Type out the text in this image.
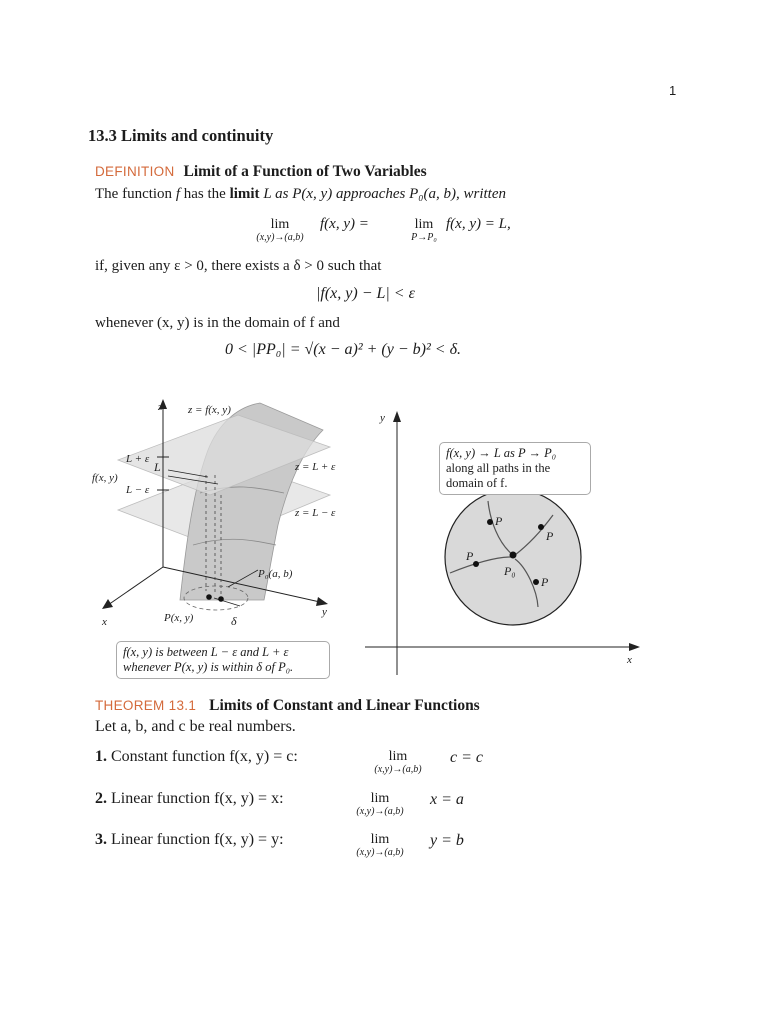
1
13.3 Limits and continuity
DEFINITION Limit of a Function of Two Variables
The function f has the limit L as P(x, y) approaches P₀(a, b), written
lim
(x,y)→(a,b)
f(x, y) =	lim
P→P₀
f(x, y) = L,
if, given any ε > 0, there exists a δ > 0 such that
|f(x, y) − L| < ε
whenever (x, y) is in the domain of f and
0 < |PP₀| = √(x − a)² + (y − b)² < δ.
z z = f(x, y)
L + ε
L
f(x, y)
L − ε
z = L + ε
z = L − ε
P₀(a, b)
x
y
P(x, y)	δ
f(x, y) is between L − ε and L + ε
whenever P(x, y) is within δ of P₀.
P
P
P
P
P₀
y
x
f(x, y) → L as P → P₀
along all paths in the
domain of f.
THEOREM 13.1 Limits of Constant and Linear Functions
Let a, b, and c be real numbers.
1. Constant function f(x, y) = c:	lim
(x,y)→(a,b)
c = c
2. Linear function f(x, y) = x:	lim
(x,y)→(a,b)
x = a
3. Linear function f(x, y) = y:	lim
(x,y)→(a,b)
y = b
